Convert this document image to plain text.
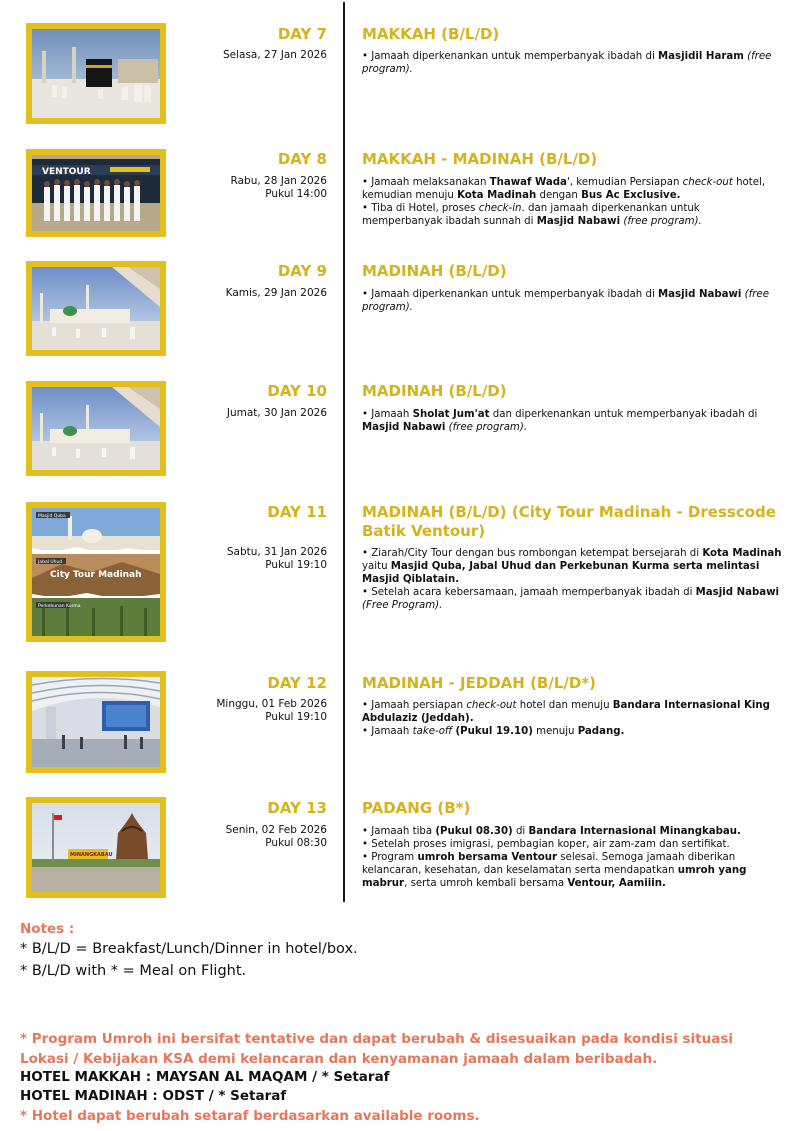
DAY 7
Selasa, 27 Jan 2026
MAKKAH (B/L/D)

• Jamaah diperkenankan untuk memperbanyak ibadah di Masjidil Haram (free program).

VENTOUR
DAY 8
Rabu, 28 Jan 2026
Pukul 14:00
MAKKAH - MADINAH (B/L/D)

• Jamaah melaksanakan Thawaf Wada', kemudian Persiapan check-out hotel, kemudian menuju Kota Madinah dengan Bus Ac Exclusive.

• Tiba di Hotel, proses check-in. dan jamaah diperkenankan untuk memperbanyak ibadah sunnah di Masjid Nabawi (free program).

DAY 9
Kamis, 29 Jan 2026
MADINAH (B/L/D)

• Jamaah diperkenankan untuk memperbanyak ibadah di Masjid Nabawi (free program).

DAY 10
Jumat, 30 Jan 2026
MADINAH (B/L/D)

• Jamaah Sholat Jum'at dan diperkenankan untuk memperbanyak ibadah di Masjid Nabawi (free program).

Masjid Quba
Jabal Uhud
City Tour Madinah
Perkebunan Kurma
DAY 11
Sabtu, 31 Jan 2026
Pukul 19:10
MADINAH (B/L/D) (City Tour Madinah - Dresscode Batik Ventour)

• Ziarah/City Tour dengan bus rombongan ketempat bersejarah di Kota Madinah yaitu Masjid Quba, Jabal Uhud dan Perkebunan Kurma serta melintasi Masjid Qiblatain.

• Setelah acara kebersamaan, jamaah memperbanyak ibadah di Masjid Nabawi (Free Program).

DAY 12
Minggu, 01 Feb 2026
Pukul 19:10
MADINAH - JEDDAH (B/L/D*)

• Jamaah persiapan check-out hotel dan menuju Bandara Internasional King Abdulaziz (Jeddah).

• Jamaah take-off (Pukul 19.10) menuju Padang.

MINANGKABAU
DAY 13
Senin, 02 Feb 2026
Pukul 08:30
PADANG (B*)

• Jamaah tiba (Pukul 08.30) di Bandara Internasional Minangkabau.

• Setelah proses imigrasi, pembagian koper, air zam-zam dan sertifikat.

• Program umroh bersama Ventour selesai. Semoga jamaah diberikan kelancaran, kesehatan, dan keselamatan serta mendapatkan umroh yang mabrur, serta umroh kembali bersama Ventour, Aamiiin.

Notes :
* B/L/D = Breakfast/Lunch/Dinner in hotel/box.
* B/L/D with * = Meal on Flight.
* Program Umroh ini bersifat tentative dan dapat berubah & disesuaikan pada kondisi situasi Lokasi / Kebijakan KSA demi kelancaran dan kenyamanan jamaah dalam beribadah.
HOTEL MAKKAH : MAYSAN AL MAQAM / * Setaraf
HOTEL MADINAH : ODST / * Setaraf
* Hotel dapat berubah setaraf berdasarkan available rooms.
